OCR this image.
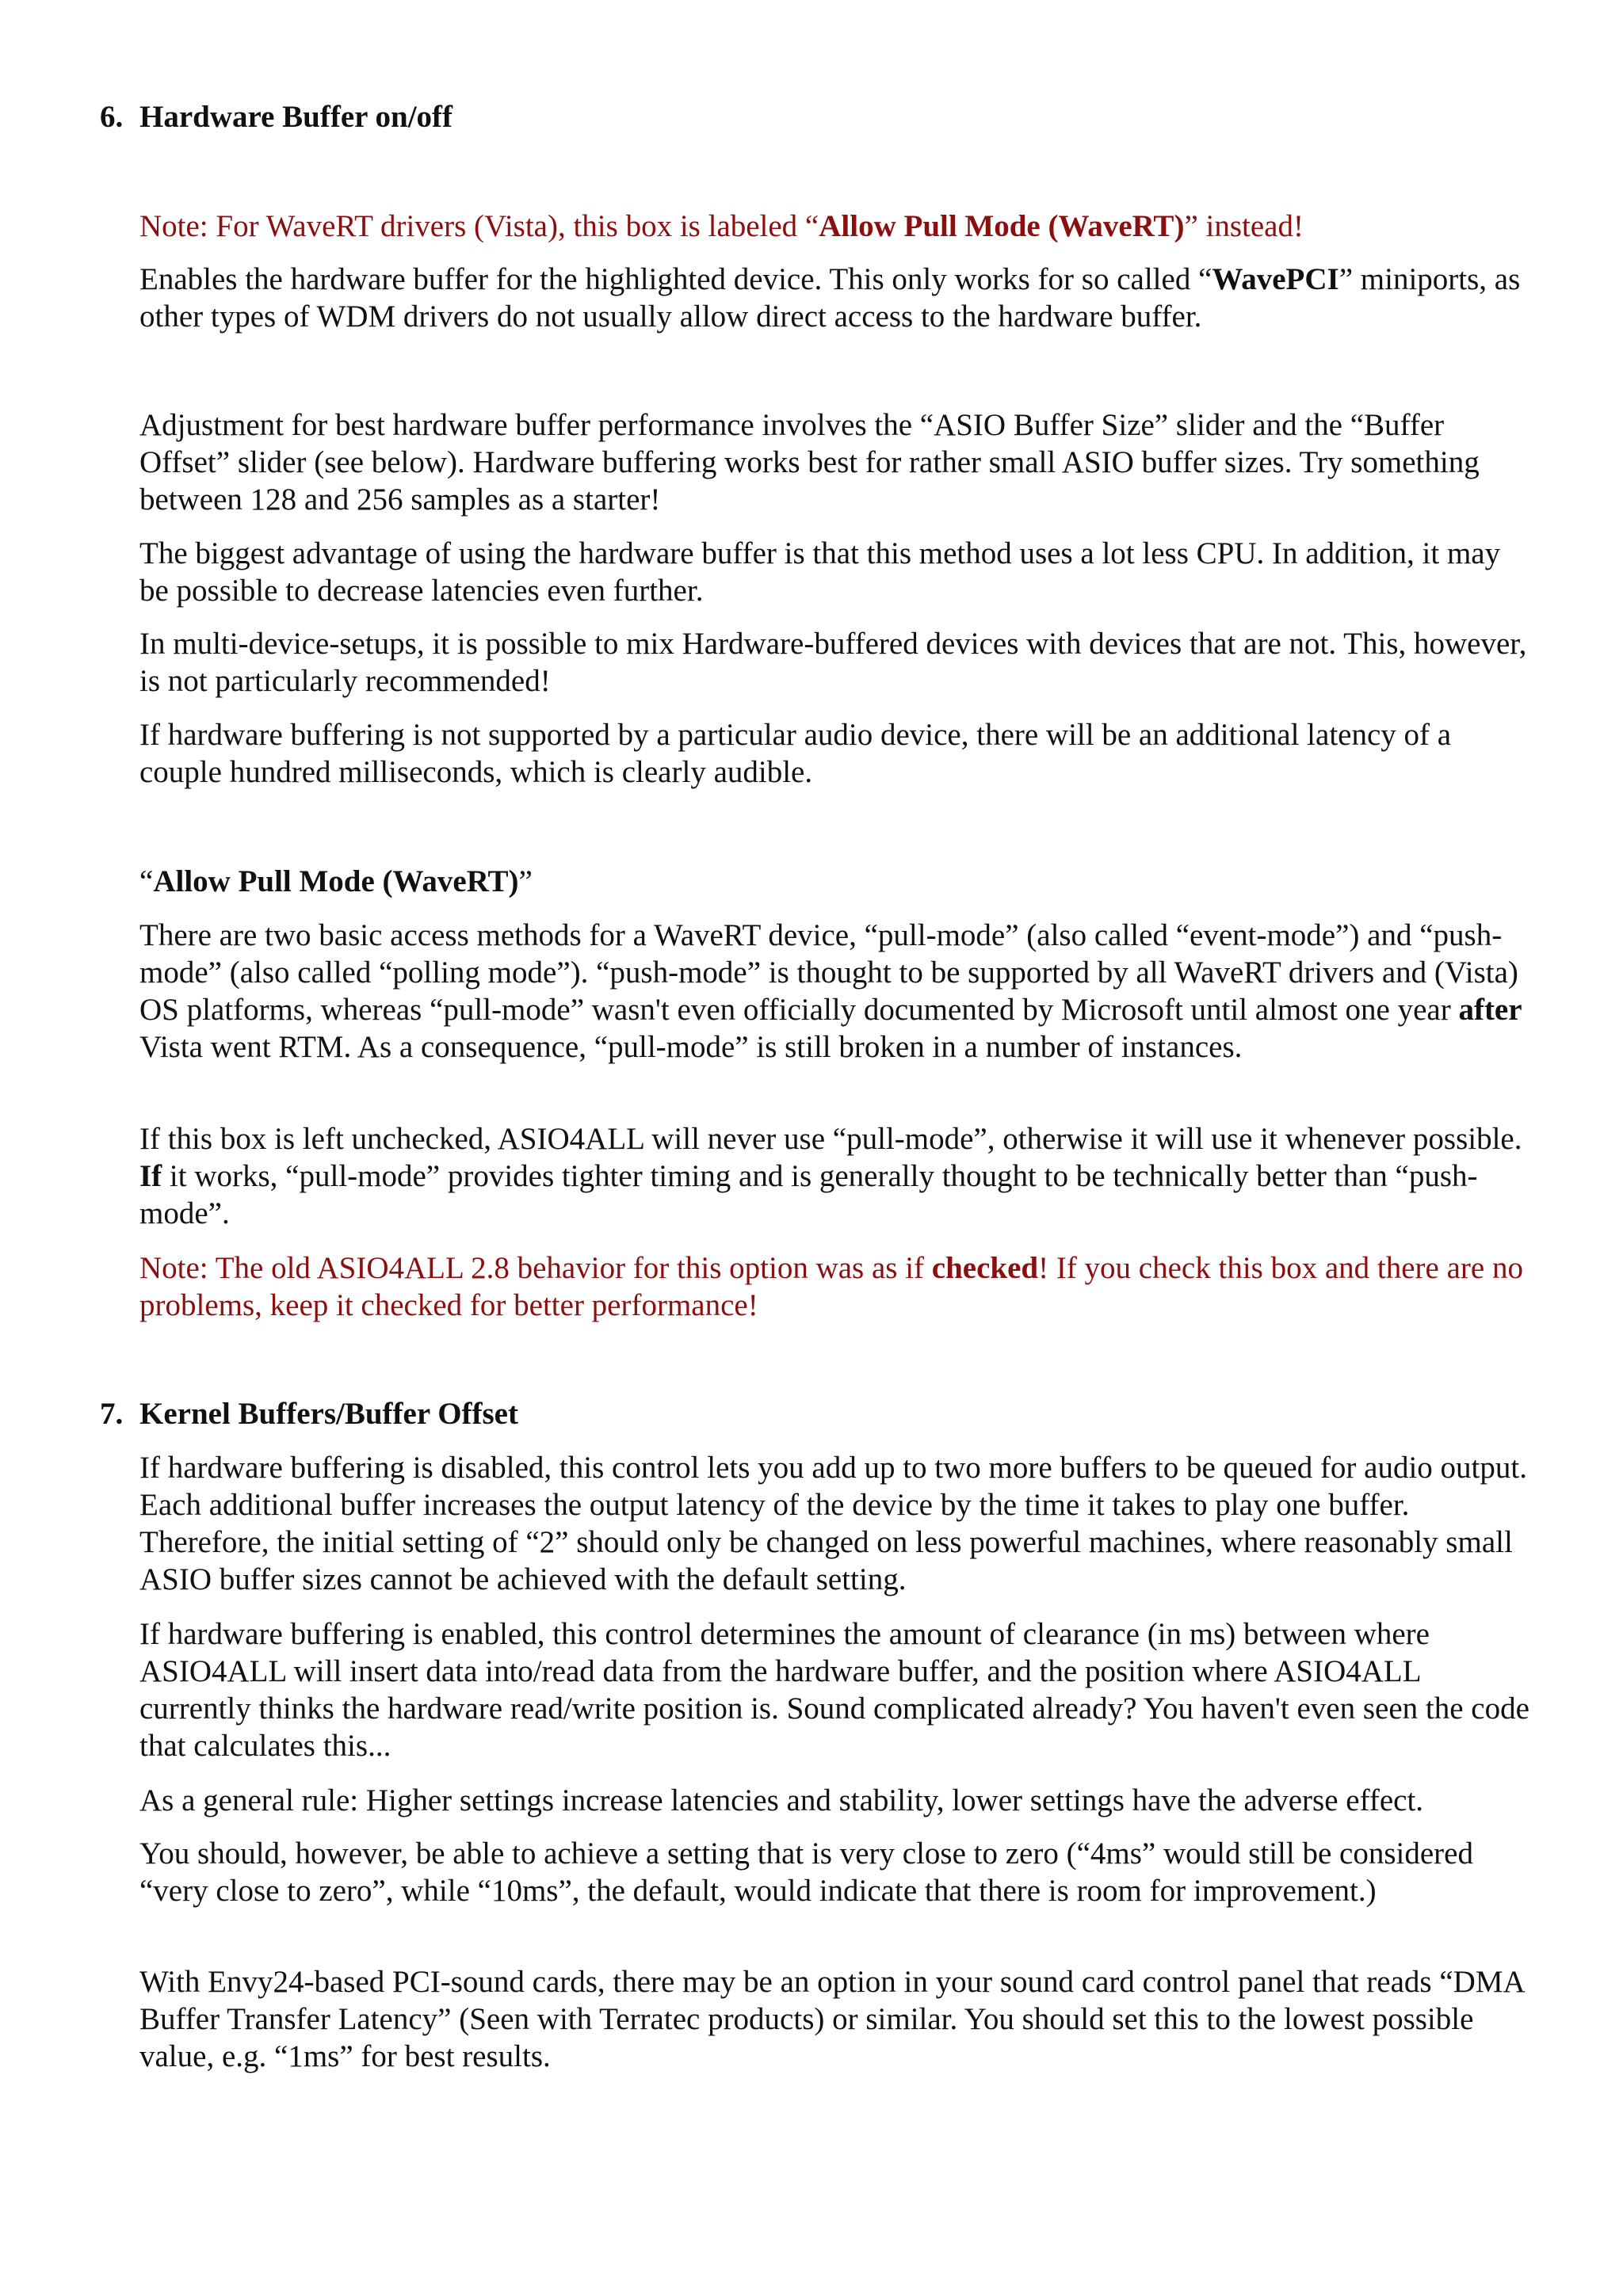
6. Hardware Buffer on/off

Note: For WaveRT drivers (Vista), this box is labeled “Allow Pull Mode (WaveRT)” instead!

Enables the hardware buffer for the highlighted device. This only works for so called “WavePCI” miniports, as other types of WDM drivers do not usually allow direct access to the hardware buffer.

Adjustment for best hardware buffer performance involves the “ASIO Buffer Size” slider and the “Buffer Offset” slider (see below). Hardware buffering works best for rather small ASIO buffer sizes. Try something between 128 and 256 samples as a starter!

The biggest advantage of using the hardware buffer is that this method uses a lot less CPU. In addition, it may be possible to decrease latencies even further.

In multi-device-setups, it is possible to mix Hardware-buffered devices with devices that are not. This, however, is not particularly recommended!

If hardware buffering is not supported by a particular audio device, there will be an additional latency of a couple hundred milliseconds, which is clearly audible.

“Allow Pull Mode (WaveRT)”

There are two basic access methods for a WaveRT device, “pull-mode” (also called “event-mode”) and “push-mode” (also called “polling mode”). “push-mode” is thought to be supported by all WaveRT drivers and (Vista) OS platforms, whereas “pull-mode” wasn't even officially documented by Microsoft until almost one year after Vista went RTM. As a consequence, “pull-mode” is still broken in a number of instances.

If this box is left unchecked, ASIO4ALL will never use “pull-mode”, otherwise it will use it whenever possible. If it works, “pull-mode” provides tighter timing and is generally thought to be technically better than “push-mode”.

Note: The old ASIO4ALL 2.8 behavior for this option was as if checked! If you check this box and there are no problems, keep it checked for better performance!

7. Kernel Buffers/Buffer Offset

If hardware buffering is disabled, this control lets you add up to two more buffers to be queued for audio output. Each additional buffer increases the output latency of the device by the time it takes to play one buffer. Therefore, the initial setting of “2” should only be changed on less powerful machines, where reasonably small ASIO buffer sizes cannot be achieved with the default setting.

If hardware buffering is enabled, this control determines the amount of clearance (in ms) between where ASIO4ALL will insert data into/read data from the hardware buffer, and the position where ASIO4ALL currently thinks the hardware read/write position is. Sound complicated already? You haven't even seen the code that calculates this...

As a general rule: Higher settings increase latencies and stability, lower settings have the adverse effect.

You should, however, be able to achieve a setting that is very close to zero (“4ms” would still be considered “very close to zero”, while “10ms”, the default, would indicate that there is room for improvement.)

With Envy24-based PCI-sound cards, there may be an option in your sound card control panel that reads “DMA Buffer Transfer Latency” (Seen with Terratec products) or similar. You should set this to the lowest possible value, e.g. “1ms” for best results.
